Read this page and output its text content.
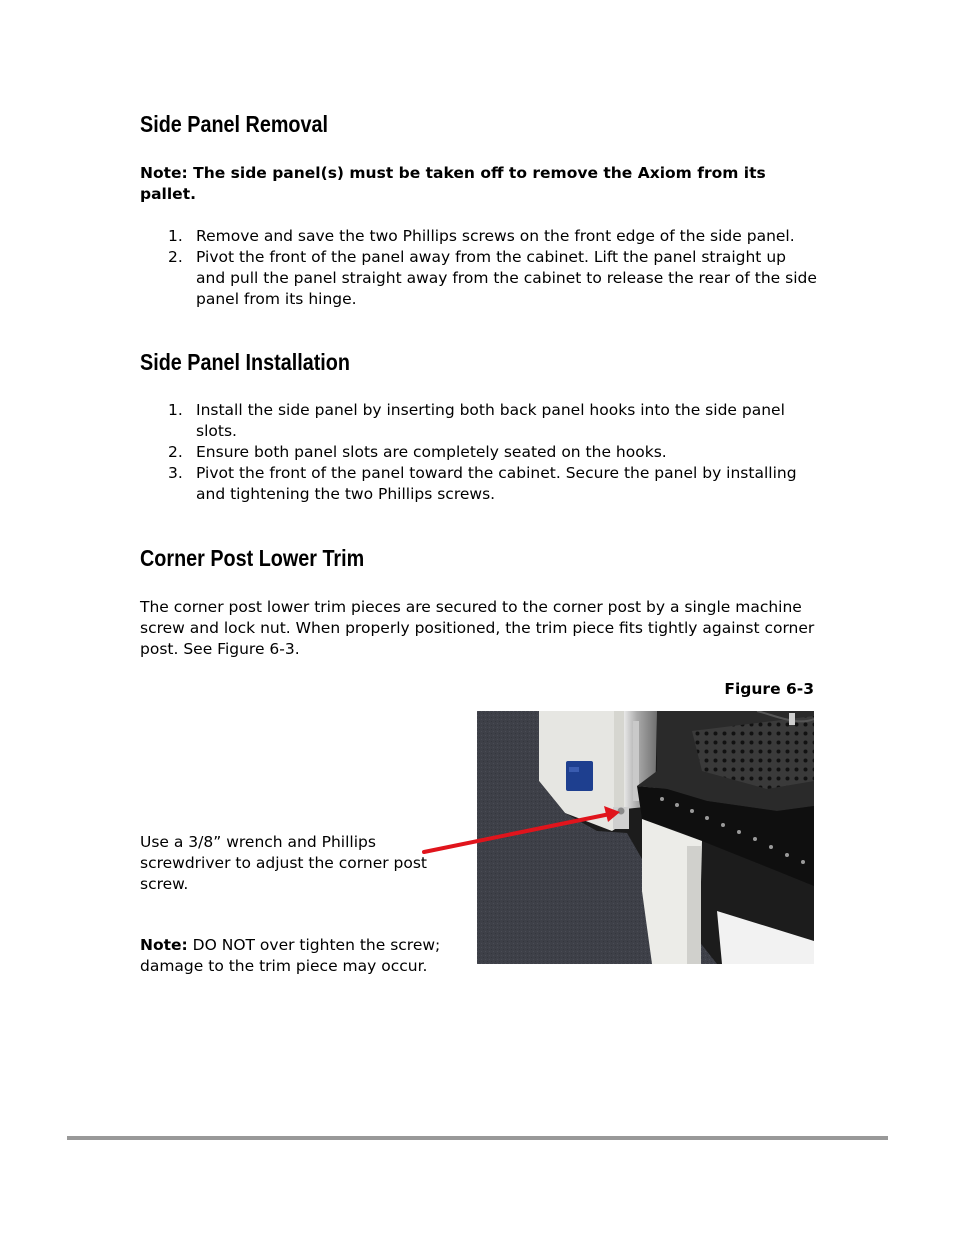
Side Panel Removal
Note: The side panel(s) must be taken off to remove the Axiom from its pallet.
1. Remove and save the two Phillips screws on the front edge of the side panel.
2. Pivot the front of the panel away from the cabinet. Lift the panel straight up and pull the panel straight away from the cabinet to release the rear of the side panel from its hinge.
Side Panel Installation
1. Install the side panel by inserting both back panel hooks into the side panel slots.
2. Ensure both panel slots are completely seated on the hooks.
3. Pivot the front of the panel toward the cabinet. Secure the panel by installing and tightening the two Phillips screws.
Corner Post Lower Trim
The corner post lower trim pieces are secured to the corner post by a single machine screw and lock nut. When properly positioned, the trim piece fits tightly against corner post. See Figure 6-3.
Figure 6-3
Use a 3/8” wrench and Phillips screwdriver to adjust the corner post screw.
Note: DO NOT over tighten the screw; damage to the trim piece may occur.
